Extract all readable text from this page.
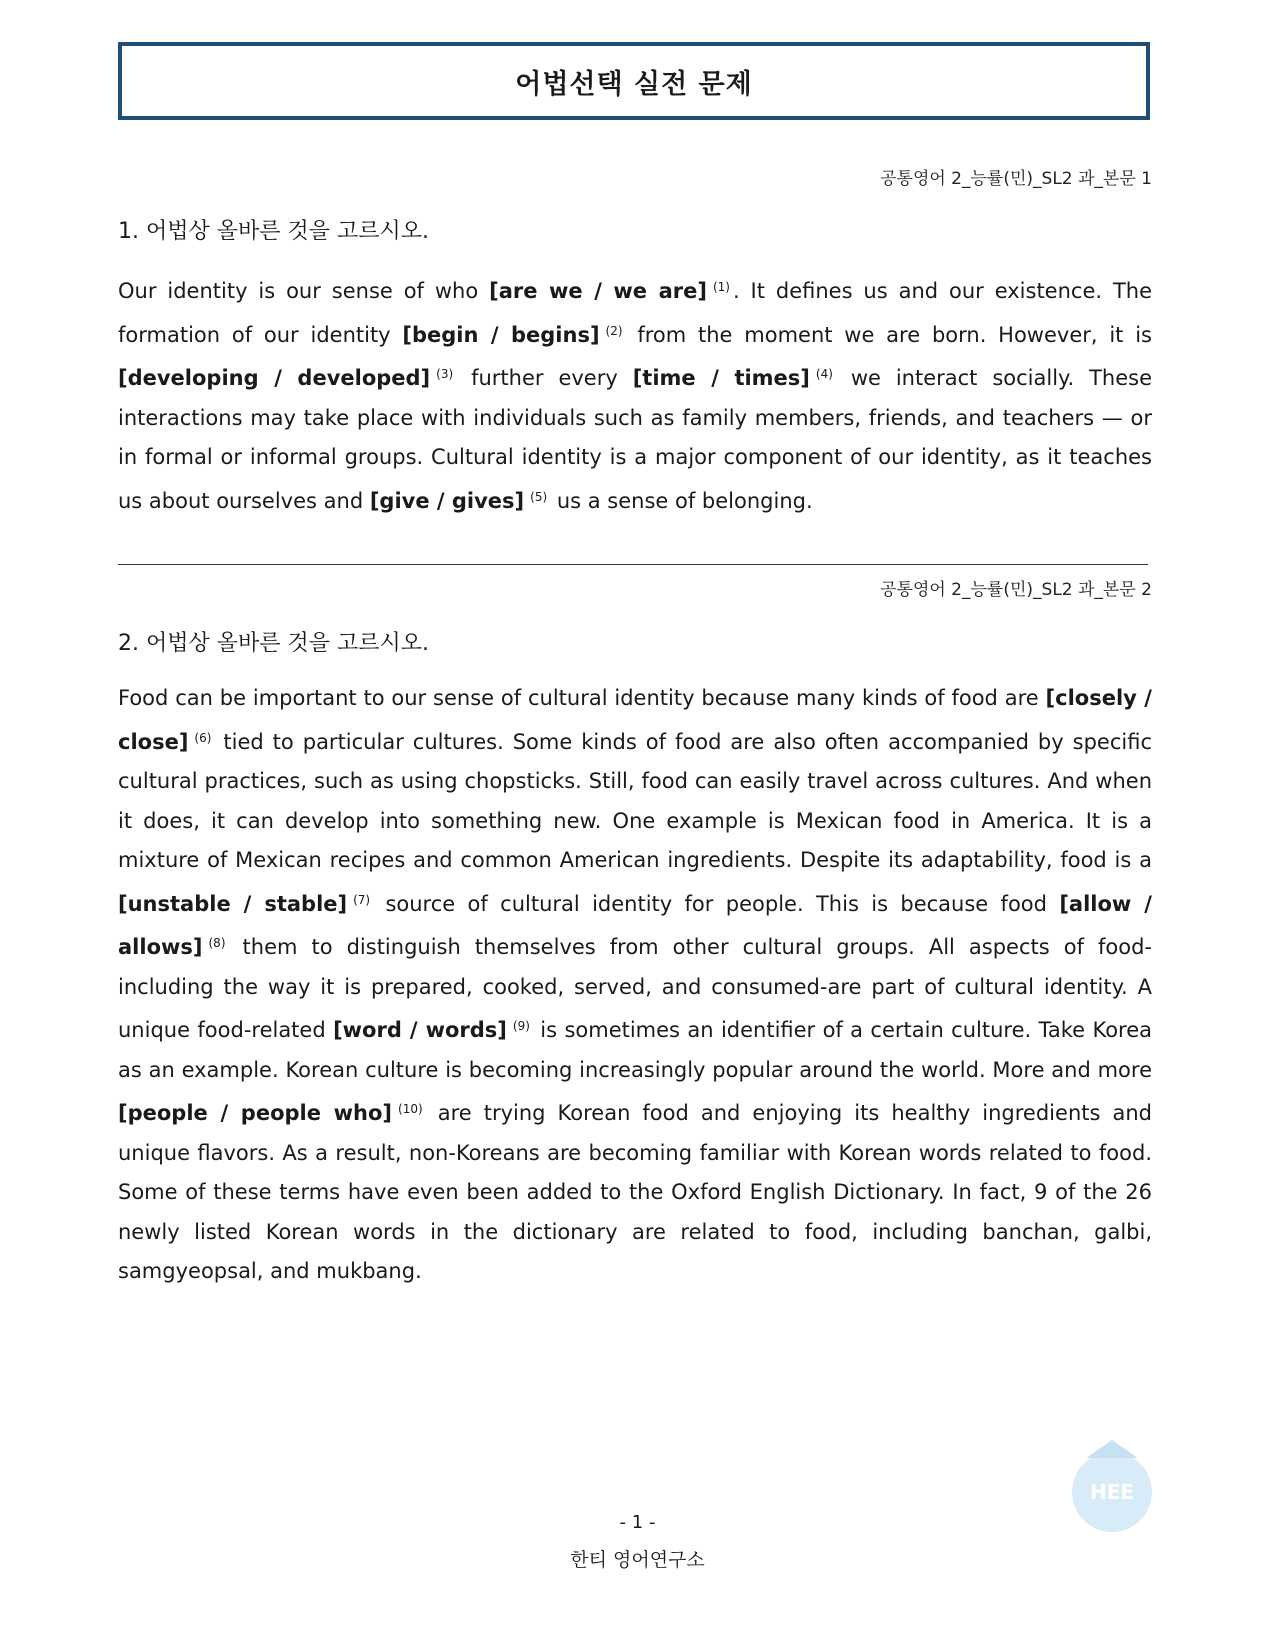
어법선택 실전 문제
공통영어 2_능률(민)_SL2 과_본문 1
1. 어법상 올바른 것을 고르시오.

Our identity is our sense of who [are we / we are] $^{(1)}$ . It defines us and our existence. The formation of our identity [begin / begins] $^{(2)}$ from the moment we are born. However, it is [developing / developed] $^{(3)}$ further every [time / times] $^{(4)}$ we interact socially. These interactions may take place with individuals such as family members, friends, and teachers — or in formal or informal groups. Cultural identity is a major component of our identity, as it teaches us about ourselves and [give / gives] $^{(5)}$ us a sense of belonging.

공통영어 2_능률(민)_SL2 과_본문 2
2. 어법상 올바른 것을 고르시오.

Food can be important to our sense of cultural identity because many kinds of food are [closely / close] $^{(6)}$ tied to particular cultures. Some kinds of food are also often accompanied by specific cultural practices, such as using chopsticks. Still, food can easily travel across cultures. And when it does, it can develop into something new. One example is Mexican food in America. It is a mixture of Mexican recipes and common American ingredients. Despite its adaptability, food is a [unstable / stable] $^{(7)}$ source of cultural identity for people. This is because food [allow / allows] $^{(8)}$ them to distinguish themselves from other cultural groups. All aspects of food-including the way it is prepared, cooked, served, and consumed-are part of cultural identity. A unique food-related [word / words] $^{(9)}$ is sometimes an identifier of a certain culture. Take Korea as an example. Korean culture is becoming increasingly popular around the world. More and more [people / people who] $^{(10)}$ are trying Korean food and enjoying its healthy ingredients and unique flavors. As a result, non-Koreans are becoming familiar with Korean words related to food. Some of these terms have even been added to the Oxford English Dictionary. In fact, 9 of the 26 newly listed Korean words in the dictionary are related to food, including banchan, galbi, samgyeopsal, and mukbang.

- 1 -
한티 영어연구소
HEE
